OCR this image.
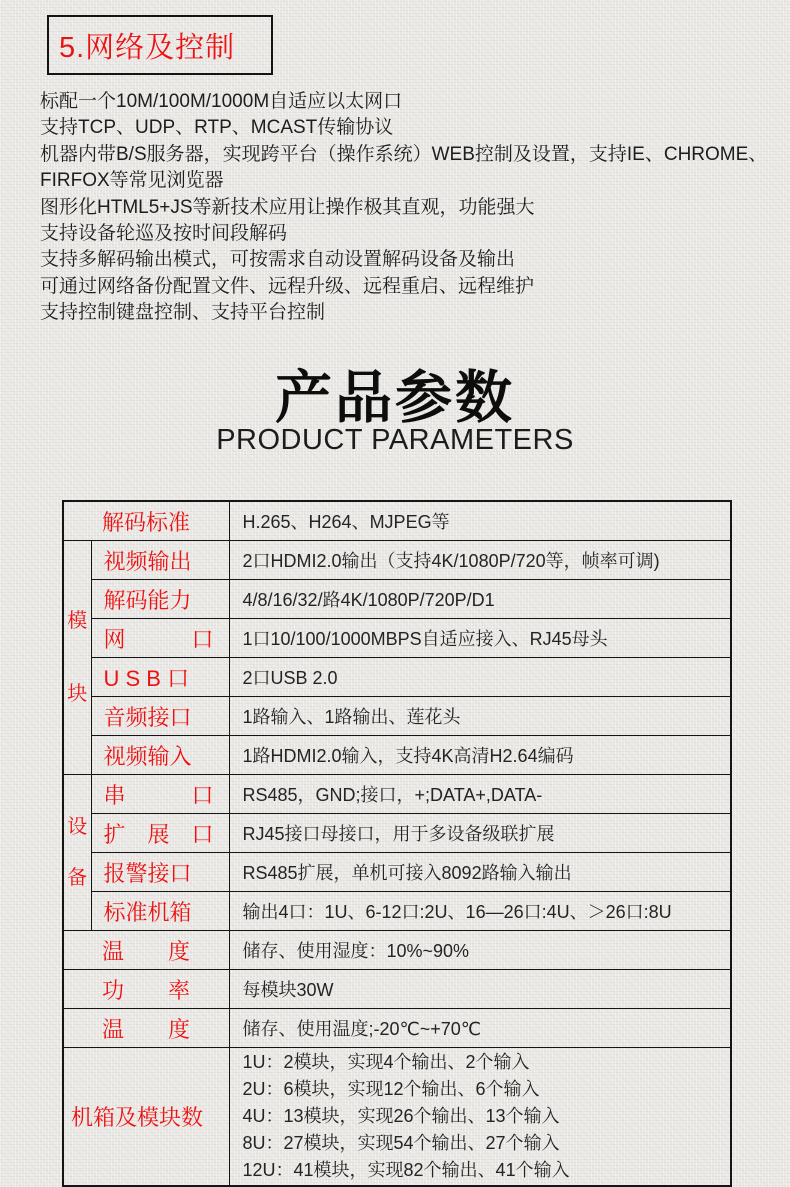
5.网络及控制
标配一个10M/100M/1000M自适应以太网口
支持TCP、UDP、RTP、MCAST传输协议
机器内带B/S服务器，实现跨平台（操作系统）WEB控制及设置，支持IE、CHROME、
FIRFOX等常见浏览器
图形化HTML5+JS等新技术应用让操作极其直观，功能强大
支持设备轮巡及按时间段解码
支持多解码输出模式，可按需求自动设置解码设备及输出
可通过网络备份配置文件、远程升级、远程重启、远程维护
支持控制键盘控制、支持平台控制
产品参数
PRODUCT PARAMETERS
解码标准		H.265、H264、MJPEG等

模
块	视频输出	2口HDMI2.0输出（支持4K/1080P/720等，帧率可调)
	解码能力	4/8/16/32/路4K/1080P/720P/D1
	网　　　口	1口10/100/1000MBPS自适应接入、RJ45母头
	U S B 口	2口USB 2.0
	音频接口	1路输入、1路输出、莲花头
	视频输入	1路HDMI2.0输入，支持4K高清H2.64编码

设
备	串　　　口	RS485，GND;接口，+;DATA+,DATA-
	扩　展　口	RJ45接口母接口，用于多设备级联扩展
	报警接口	RS485扩展，单机可接入8092路输入输出
	标准机箱	输出4口：1U、6-12口:2U、16—26口:4U、＞26口:8U
温　　度		储存、使用湿度：10%~90%
功　　率		每模块30W
温　　度		储存、使用温度;-20℃~+70℃
机箱及模块数		1U：2模块，实现4个输出、2个输入
2U：6模块，实现12个输出、6个输入
4U：13模块，实现26个输出、13个输入
8U：27模块，实现54个输出、27个输入
12U：41模块，实现82个输出、41个输入
